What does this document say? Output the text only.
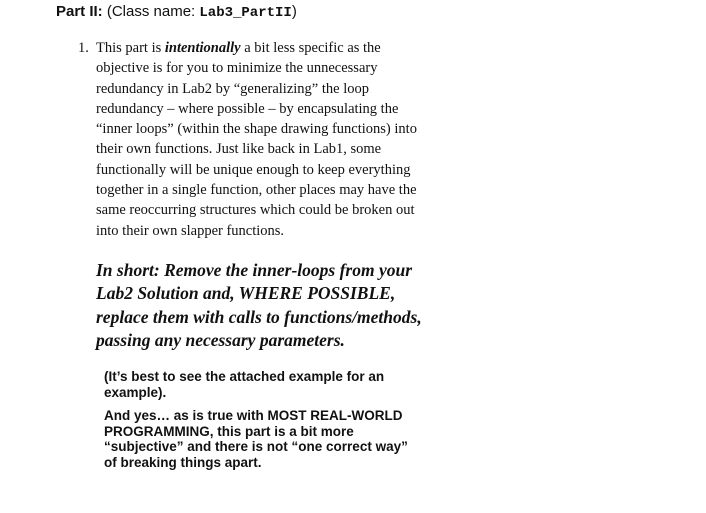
Part II: (Class name: Lab3_PartII)
1. This part is intentionally a bit less specific as the
objective is for you to minimize the unnecessary
redundancy in Lab2 by “generalizing” the loop
redundancy – where possible – by encapsulating the
“inner loops” (within the shape drawing functions) into
their own functions. Just like back in Lab1, some
functionally will be unique enough to keep everything
together in a single function, other places may have the
same reoccurring structures which could be broken out
into their own slapper functions.
In short: Remove the inner-loops from your
Lab2 Solution and, WHERE POSSIBLE,
replace them with calls to functions/methods,
passing any necessary parameters.
(It’s best to see the attached example for an
example).
And yes… as is true with MOST REAL-WORLD
PROGRAMMING, this part is a bit more
“subjective” and there is not “one correct way”
of breaking things apart.
